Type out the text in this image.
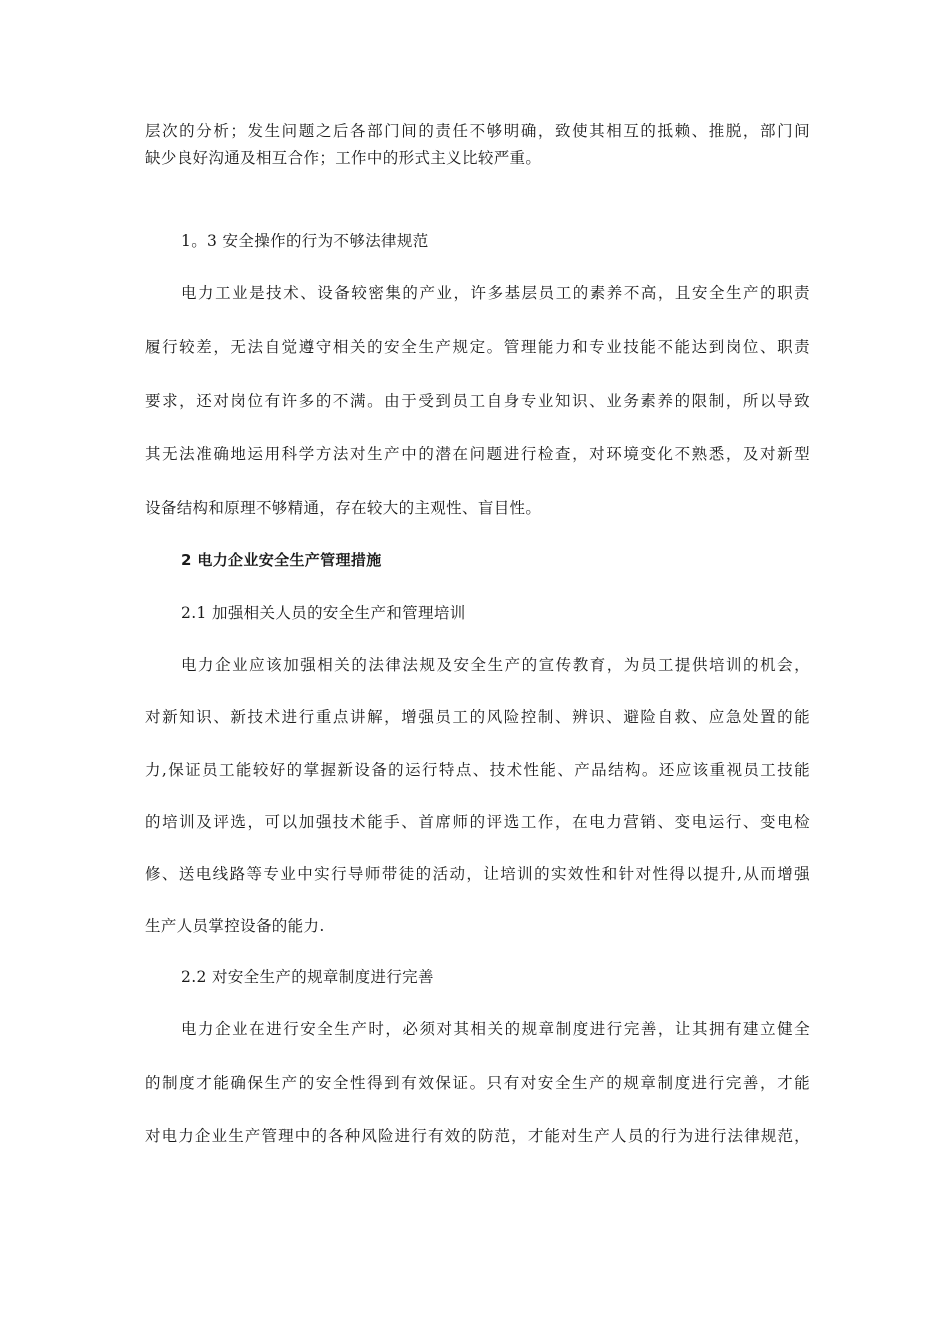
层次的分析；发生问题之后各部门间的责任不够明确，致使其相互的抵赖、推脱，部门间
缺少良好沟通及相互合作；工作中的形式主义比较严重。
1。3 安全操作的行为不够法律规范
电力工业是技术、设备较密集的产业，许多基层员工的素养不高，且安全生产的职责
履行较差，无法自觉遵守相关的安全生产规定。管理能力和专业技能不能达到岗位、职责
要求，还对岗位有许多的不满。由于受到员工自身专业知识、业务素养的限制，所以导致
其无法准确地运用科学方法对生产中的潜在问题进行检查，对环境变化不熟悉，及对新型
设备结构和原理不够精通，存在较大的主观性、盲目性。
2 电力企业安全生产管理措施
2.1 加强相关人员的安全生产和管理培训
电力企业应该加强相关的法律法规及安全生产的宣传教育，为员工提供培训的机会，
对新知识、新技术进行重点讲解，增强员工的风险控制、辨识、避险自救、应急处置的能
力,保证员工能较好的掌握新设备的运行特点、技术性能、产品结构。还应该重视员工技能
的培训及评选，可以加强技术能手、首席师的评选工作，在电力营销、变电运行、变电检
修、送电线路等专业中实行导师带徒的活动，让培训的实效性和针对性得以提升,从而增强
生产人员掌控设备的能力.
2.2 对安全生产的规章制度进行完善
电力企业在进行安全生产时，必须对其相关的规章制度进行完善，让其拥有建立健全
的制度才能确保生产的安全性得到有效保证。只有对安全生产的规章制度进行完善，才能
对电力企业生产管理中的各种风险进行有效的防范，才能对生产人员的行为进行法律规范，
